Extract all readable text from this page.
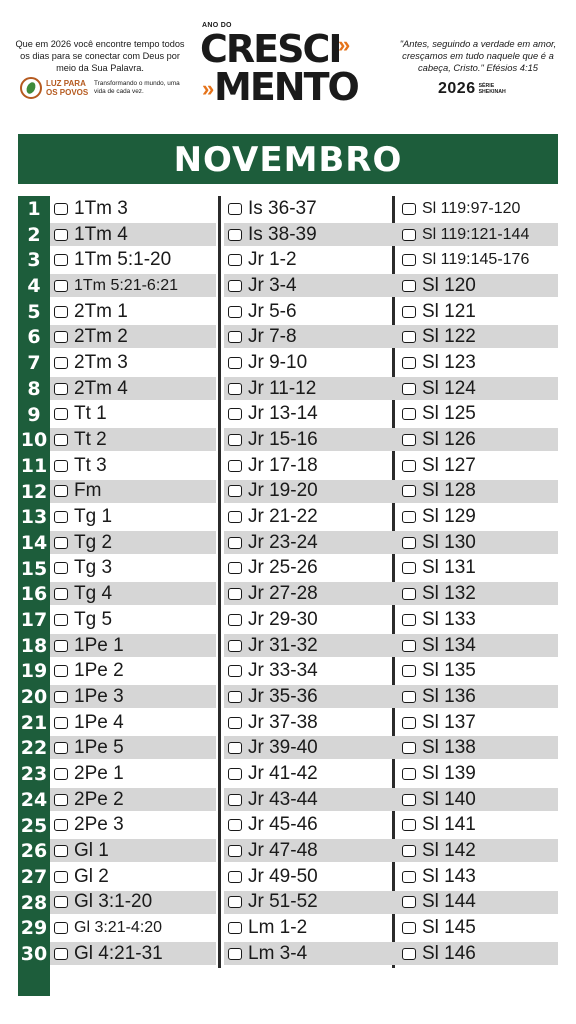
Que em 2026 você encontre tempo todos os dias para se conectar com Deus por meio da Sua Palavra.
LUZ PARA OS POVOS
Transformando o mundo, uma vida de cada vez.
ANO DO
CRESCI
MENTO
»
»
"Antes, seguindo a verdade em amor, cresçamos em tudo naquele que é a cabeça, Cristo." Efésios 4:15
2026 SÉRIE SHEKINAH
NOVEMBRO
1	1Tm 3	Is 36-37	Sl 119:97-120
2	1Tm 4	Is 38-39	Sl 119:121-144
3	1Tm 5:1-20	Jr 1-2	Sl 119:145-176
4	1Tm 5:21-6:21	Jr 3-4	Sl 120
5	2Tm 1	Jr 5-6	Sl 121
6	2Tm 2	Jr 7-8	Sl 122
7	2Tm 3	Jr 9-10	Sl 123
8	2Tm 4	Jr 11-12	Sl 124
9	Tt 1	Jr 13-14	Sl 125
10 Tt 2	Jr 15-16	Sl 126
11 Tt 3	Jr 17-18	Sl 127
12 Fm	Jr 19-20	Sl 128
13 Tg 1	Jr 21-22	Sl 129
14 Tg 2	Jr 23-24	Sl 130
15 Tg 3	Jr 25-26	Sl 131
16 Tg 4	Jr 27-28	Sl 132
17 Tg 5	Jr 29-30	Sl 133
18 1Pe 1	Jr 31-32	Sl 134
19 1Pe 2	Jr 33-34	Sl 135
20 1Pe 3	Jr 35-36	Sl 136
21 1Pe 4	Jr 37-38	Sl 137
22 1Pe 5	Jr 39-40	Sl 138
23 2Pe 1	Jr 41-42	Sl 139
24 2Pe 2	Jr 43-44	Sl 140
25 2Pe 3	Jr 45-46	Sl 141
26 Gl 1	Jr 47-48	Sl 142
27 Gl 2	Jr 49-50	Sl 143
28 Gl 3:1-20	Jr 51-52	Sl 144
29 Gl 3:21-4:20	Lm 1-2	Sl 145
30 Gl 4:21-31	Lm 3-4	Sl 146
